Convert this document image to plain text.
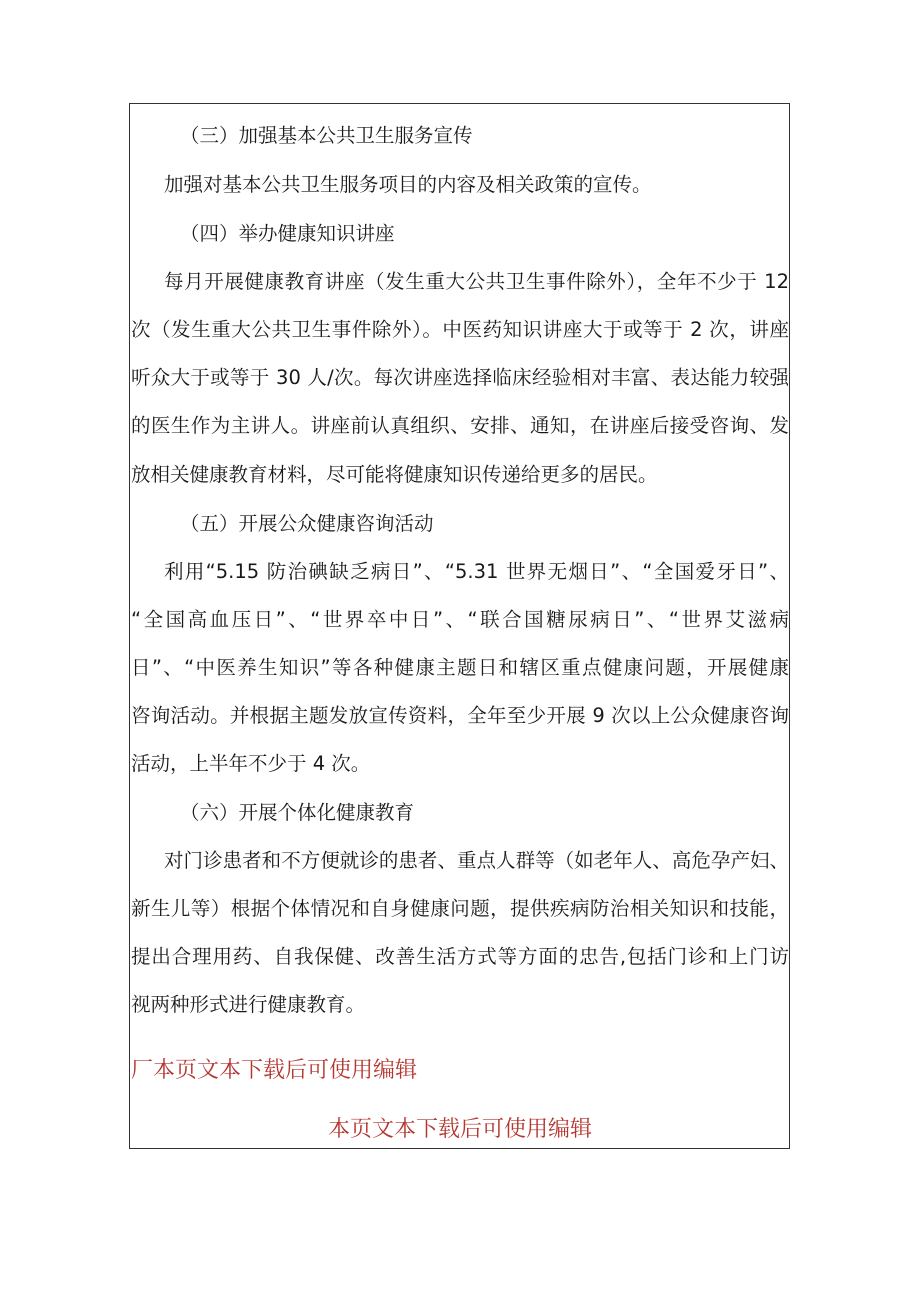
（三）加强基本公共卫生服务宣传
加强对基本公共卫生服务项目的内容及相关政策的宣传。
（四）举办健康知识讲座
每月开展健康教育讲座（发生重大公共卫生事件除外），全年不少于 12
次（发生重大公共卫生事件除外）。中医药知识讲座大于或等于 2 次，讲座
听众大于或等于 30 人/次。每次讲座选择临床经验相对丰富、表达能力较强
的医生作为主讲人。讲座前认真组织、安排、通知，在讲座后接受咨询、发
放相关健康教育材料，尽可能将健康知识传递给更多的居民。
（五）开展公众健康咨询活动
利用“5.15 防治碘缺乏病日”、“5.31 世界无烟日”、“全国爱牙日”、
“全国高血压日”、“世界卒中日”、“联合国糖尿病日”、“世界艾滋病
日”、“中医养生知识”等各种健康主题日和辖区重点健康问题，开展健康
咨询活动。并根据主题发放宣传资料，全年至少开展 9 次以上公众健康咨询
活动，上半年不少于 4 次。
（六）开展个体化健康教育
对门诊患者和不方便就诊的患者、重点人群等（如老年人、高危孕产妇、
新生儿等）根据个体情况和自身健康问题，提供疾病防治相关知识和技能，
提出合理用药、自我保健、改善生活方式等方面的忠告,包括门诊和上门访
视两种形式进行健康教育。
厂本页文本下载后可使用编辑
本页文本下载后可使用编辑
